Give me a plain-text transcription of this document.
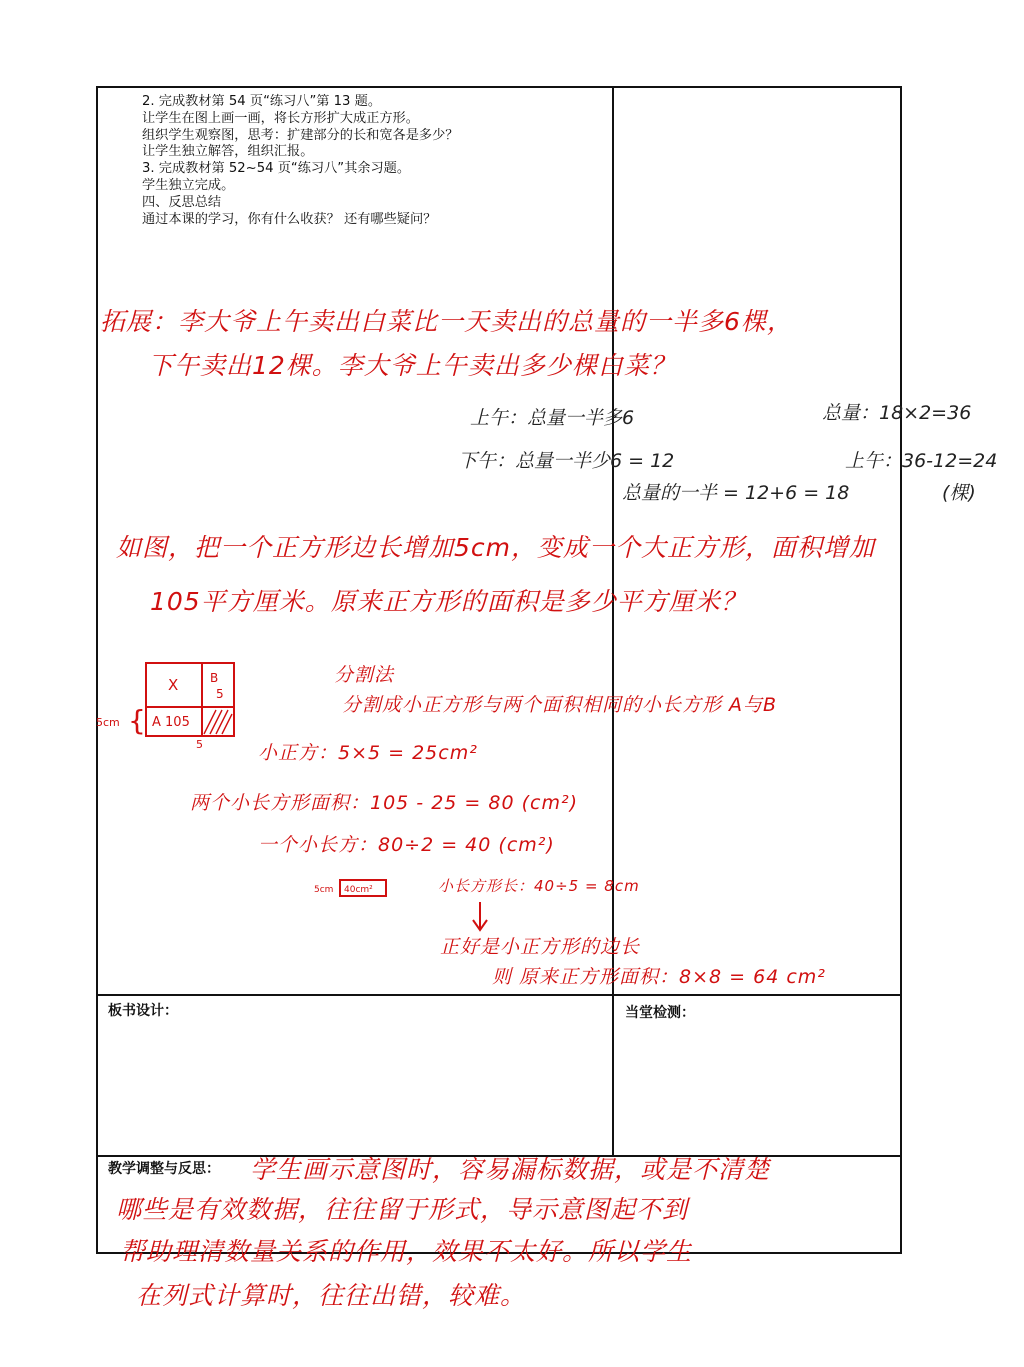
2. 完成教材第 54 页“练习八”第 13 题。
让学生在图上画一画，将长方形扩大成正方形。
组织学生观察图，思考：扩建部分的长和宽各是多少？
让学生独立解答，组织汇报。
3. 完成教材第 52~54 页“练习八”其余习题。
学生独立完成。
四、反思总结
通过本课的学习，你有什么收获？ 还有哪些疑问？
板书设计：	当堂检测：
教学调整与反思：
拓展：李大爷上午卖出白菜比一天卖出的总量的一半多6棵，
下午卖出12棵。李大爷上午卖出多少棵白菜？
上午：总量一半多6
下午：总量一半少6 = 12
总量的一半 = 12+6 = 18
总量：18×2=36
上午：36-12=24
(棵)
如图，把一个正方形边长增加5cm，变成一个大正方形，面积增加
105平方厘米。原来正方形的面积是多少平方厘米？
分割法
分割成小正方形与两个面积相同的小长方形 A与B
小正方：5×5 = 25cm²
两个小长方形面积：105 - 25 = 80 (cm²)
一个小长方：80÷2 = 40 (cm²)
小长方形长：40÷5 = 8cm
正好是小正方形的边长
则 原来正方形面积：8×8 = 64 cm²
学生画示意图时，容易漏标数据，或是不清楚
哪些是有效数据，往往留于形式，导示意图起不到
帮助理清数量关系的作用，效果不太好。所以学生
在列式计算时，往往出错，较难。
X	B
5
A 105
5cm {
5
5cm 40cm²
